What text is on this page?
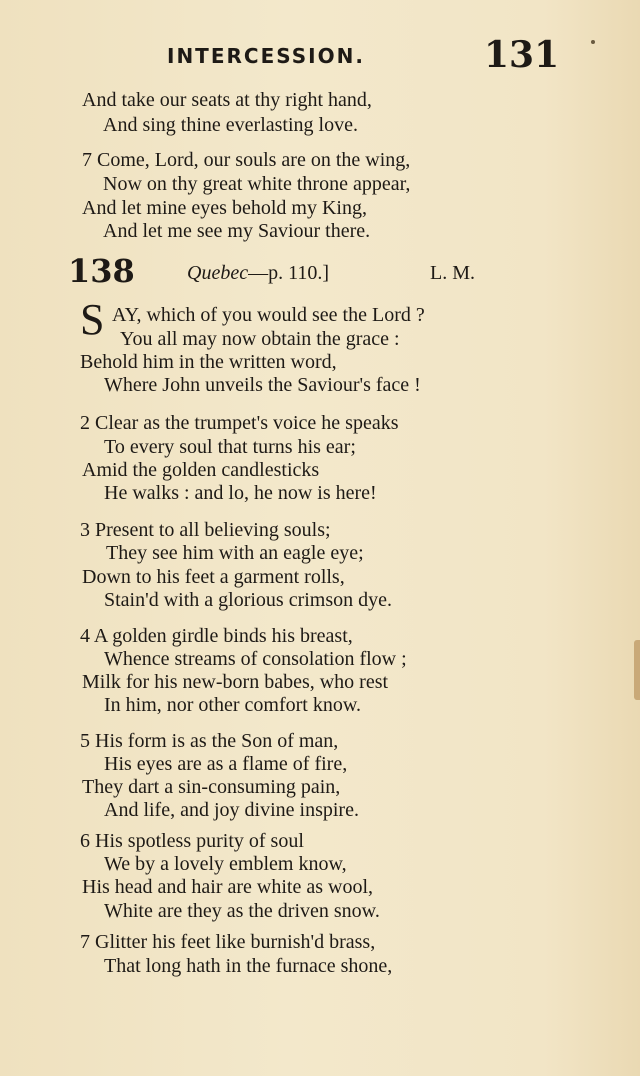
INTERCESSION.	131
And take our seats at thy right hand,
And sing thine everlasting love.
7 Come, Lord, our souls are on the wing,
Now on thy great white throne appear,
And let mine eyes behold my King,
And let me see my Saviour there.
138	Quebec—p. 110.]	L. M.
S AY, which of you would see the Lord ?
You all may now obtain the grace :
Behold him in the written word,
Where John unveils the Saviour's face !
2 Clear as the trumpet's voice he speaks
To every soul that turns his ear;
Amid the golden candlesticks
He walks : and lo, he now is here!
3 Present to all believing souls;
They see him with an eagle eye;
Down to his feet a garment rolls,
Stain'd with a glorious crimson dye.
4 A golden girdle binds his breast,
Whence streams of consolation flow ;
Milk for his new-born babes, who rest
In him, nor other comfort know.
5 His form is as the Son of man,
His eyes are as a flame of fire,
They dart a sin-consuming pain,
And life, and joy divine inspire.
6 His spotless purity of soul
We by a lovely emblem know,
His head and hair are white as wool,
White are they as the driven snow.
7 Glitter his feet like burnish'd brass,
That long hath in the furnace shone,
